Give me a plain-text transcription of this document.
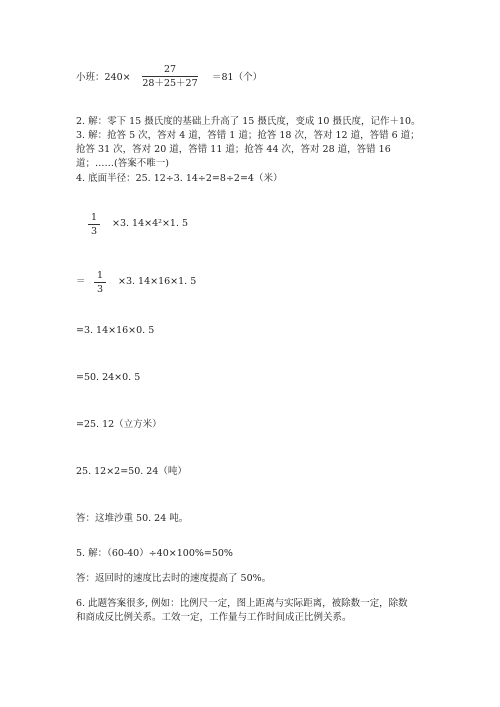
小班：240×
27
28＋25＋27
＝81（个）
2. 解：零下 15 摄氏度的基础上升高了 15 摄氏度，变成 10 摄氏度，记作＋10。
3. 解：抢答 5 次，答对 4 道，答错 1 道；抢答 18 次，答对 12 道，答错 6 道；
抢答 31 次，答对 20 道，答错 11 道；抢答 44 次，答对 28 道，答错 16
道；……(答案不唯一)
4. 底面半径：25. 12÷3. 14÷2=8÷2=4（米）
1
3
×3. 14×4²×1. 5
＝
1
3
×3. 14×16×1. 5
=3. 14×16×0. 5
=50. 24×0. 5
=25. 12（立方米）
25. 12×2=50. 24（吨）
答：这堆沙重 50. 24 吨。
5. 解：（60-40）÷40×100%=50%
答：返回时的速度比去时的速度提高了 50%。
6. 此题答案很多, 例如：比例尺一定，图上距离与实际距离，被除数一定，除数
和商成反比例关系。工效一定，工作量与工作时间成正比例关系。
